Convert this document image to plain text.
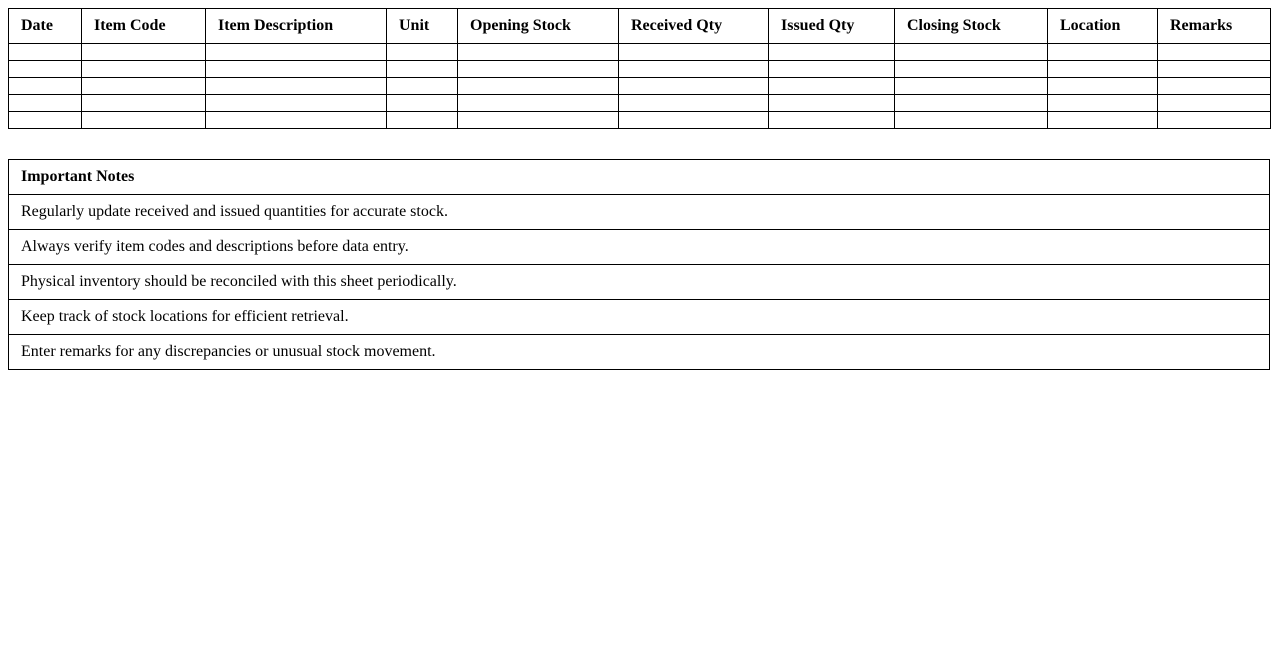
Date	Item Code	Item Description	Unit	Opening Stock	Received Qty	Issued Qty	Closing Stock	Location	Remarks

Important Notes
Regularly update received and issued quantities for accurate stock.
Always verify item codes and descriptions before data entry.
Physical inventory should be reconciled with this sheet periodically.
Keep track of stock locations for efficient retrieval.
Enter remarks for any discrepancies or unusual stock movement.
